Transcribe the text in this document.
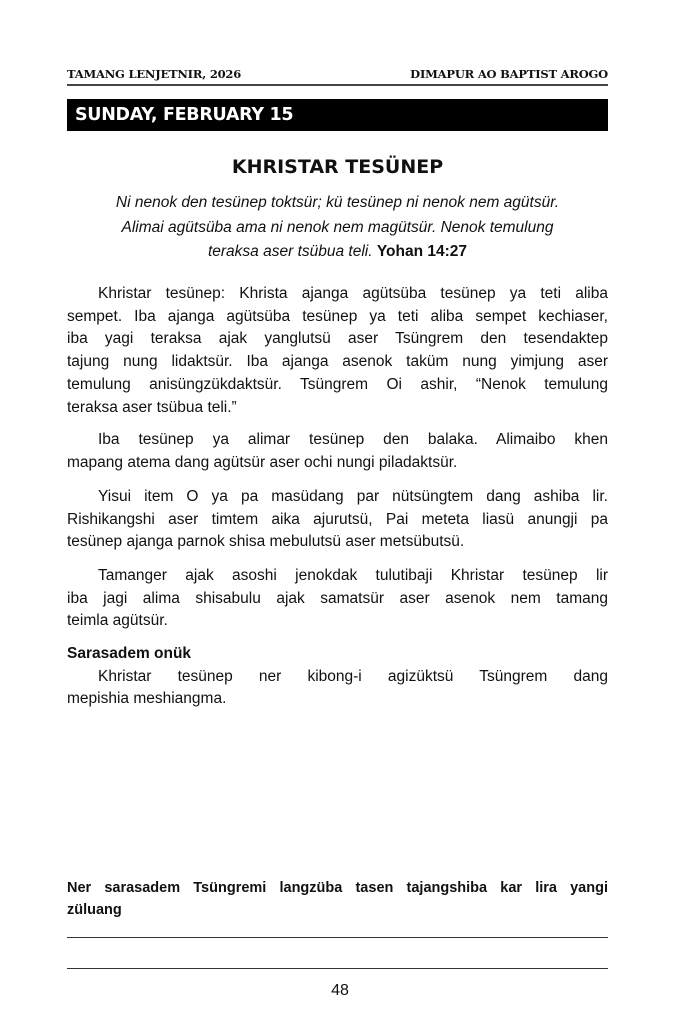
TAMANG LENJETNIR, 2026	DIMAPUR AO BAPTIST AROGO
SUNDAY, FEBRUARY 15
KHRISTAR TESÜNEP
Ni nenok den tesünep toktsür; kü tesünep ni nenok nem agütsür.
Alimai agütsüba ama ni nenok nem magütsür. Nenok temulung
teraksa aser tsübua teli. Yohan 14:27
Khristar tesünep: Khrista ajanga agütsüba tesünep ya teti aliba
sempet. Iba ajanga agütsüba tesünep ya teti aliba sempet kechiaser,
iba yagi teraksa ajak yanglutsü aser Tsüngrem den tesendaktep
tajung nung lidaktsür. Iba ajanga asenok taküm nung yimjung aser
temulung anisüngzükdaktsür. Tsüngrem Oi ashir, “Nenok temulung
teraksa aser tsübua teli.”
Iba tesünep ya alimar tesünep den balaka. Alimaibo khen
mapang atema dang agütsür aser ochi nungi piladaktsür.
Yisui item O ya pa masüdang par nütsüngtem dang ashiba lir.
Rishikangshi aser timtem aika ajurutsü, Pai meteta liasü anungji pa
tesünep ajanga parnok shisa mebulutsü aser metsübutsü.
Tamanger ajak asoshi jenokdak tulutibaji Khristar tesünep lir
iba jagi alima shisabulu ajak samatsür aser asenok nem tamang
teimla agütsür.
Sarasadem onük
Khristar tesünep ner kibong-i agizüktsü Tsüngrem dang
mepishia meshiangma.
Ner sarasadem Tsüngremi langzüba tasen tajangshiba kar lira yangi
züluang
48
